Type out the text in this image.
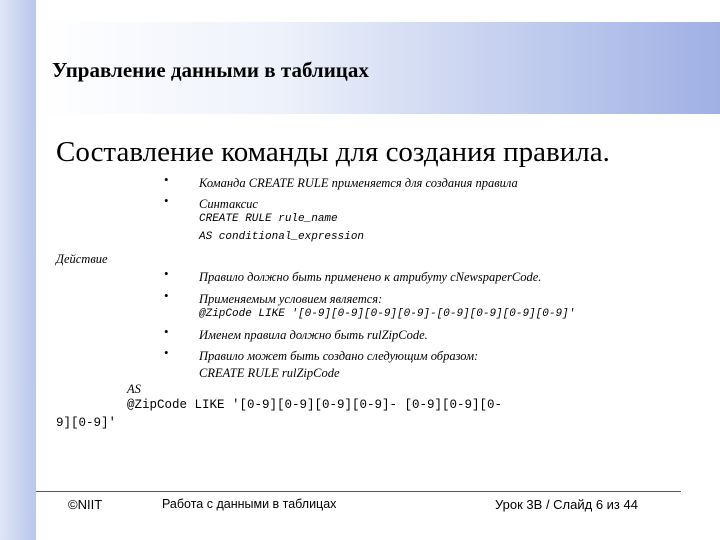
Управление данными в таблицах
Составление команды для создания правила.
• Команда CREATE RULE применяется для создания правила
• Синтаксис
CREATE RULE rule_name
AS conditional_expression
Действие
• Правило должно быть применено к атрибуту cNewspaperCode.
• Применяемым условием является:
@ZipCode LIKE '[0-9][0-9][0-9][0-9]-[0-9][0-9][0-9][0-9]'
• Именем правила должно быть rulZipCode.
• Правило может быть создано следующим образом:
CREATE RULE rulZipCode
AS
@ZipCode LIKE '[0-9][0-9][0-9][0-9]- [0-9][0-9][0-
9][0-9]'
©NIIT	Работа с данными в таблицах	Урок 3B / Слайд 6 из 44
